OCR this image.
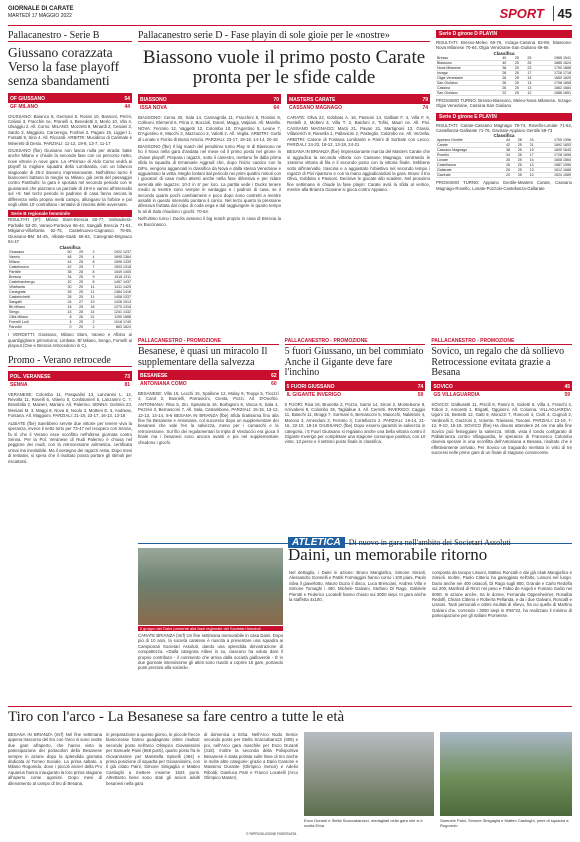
GIORNALE DI CARATE
MARTEDÌ 17 MAGGIO 2022	SPORT	45
Pallacanestro - Serie B
Giussano corazzata Verso la fase playoff senza sbandamenti
OF GIUSSANO	54
GF MILANO	44
GIUSSANO: Baiunco 8, Germani 5, Rosini 10, Bassoni, Perini, Celiani 3, Fracchin ne, Pranelli 4, Benedetti 3, Merlo 10, Vila 4, Ulsaggiu 2. All. Corno. MILANO: Mozzetti 8, Minardi 2, Cesiani 3, Sardo 3, Maggiolo, Carcerega, Fonfani 2, Pagani 15, Liggeri 1, Fontatti 9, Sirio 4. All. Riccardi. ARBITRI: Mucidimo di Carimate e Mineretti di Desio. PARZIALI: 11-12, 19-9, 13-7, 11-17
GIUSSANO (fbe) Giussano non lascia nulla per strada: batte anche Milano e chiude la seconda fase con un percorso netto, nove vittorie in nove gare. La «Prisma» di Aldo Corno vedrà ai playoff la migliore squadra della Lombardia, con un bilancio stagionale di 25-2 davvero impressionante. Nell'ultimo turno è bianconeri battono la meglio su Milano, già certa del passaggio contro Pantbulls: la gara è sposata nel secondo periodo con le giussanesi che piazzano un parziale di 19-9 e vanno all'intervallo sul +9. Nel terzo periodo le padrone di casa fanno ancora la differenza nella propria metà campo, allungano la forbice e poi negli ultimi 10' controllano i tentativi di rimonta delle avversarie.
Serie B regionale femminile
RISULTATI (9^): Milano Stars-Brescia 60-77, Valmadrera-Parballe 53-20, Vaneio-Porteovo 66-44, Sangalli Brescia 71-51, Milgiano-Villafranta 62-75, Castelnuovo-Cagnasco 78-55, Giussano-BM 54-45, Albiate-Saab 68-63, Canegrate-Brignaco 54-47
Classifica
Giussano	50	25	2	1922 1237
Vaneio	46	25	4	1695 1364
Milano	44	25	8	1596 1339
Castelnuovo	42	25	7	1503 1318
Parbille	36	28	8	1549 1405
Brescia	34	25	9	1516 1311
Castelrambergu	32	25	8	1457 1437
Villafranta	30	25	11	1411 1425
Canegrate	26	25	11	1384 1416
Castelrichetti	26	25	11	1408 1337
Sangalli	24	27	13	1426 1514
Bb Milano	16	25	18	1270 1316
Sengo	14	28	14	1241 1432
Città Milano	8	26	21	1190 1588
Fornelli Lodi	4	25	2	1018 1749
Parvolie	0	25	2	863 1624
I VERDETTI: Giussano, Milano Stars, Vaneio e Albino ai quarti/gighiere primoturno; Limbate, Bf Milano, Sengo, Fornelli ai playout (Ove e Brescia retrocedono in C).
Promo - Verano retrocede
POL. VERANESE	73
SENNA	81
VERANESE: Colombo 11, Pasqualini 13, Lanzanini L. 12, Revolta 11, Rovelli 6, Valerio 5, Confalonieri 5, Lanzanini C. 7, Brambilla 2, Maineri, Mariani. All. Palermo. SENNA: Gelmini 23, Meniani M. 3, Maggi 8, Nova 8, Noolo 3, Motteni E. 3, Andreas, Fontana. All. Maggioni. PARZIALI: 21-18, 22-17, 16-13, 13-18
ALBIATE (fbe) Sarebbero servite due vittorie per tenere viva la speranza, invece il netto torto per 73-47 nel recupero con Senna, fa sì che il Verano esce sconfitto nell'ultima giornata contro Senna. Per la Pol. Veranese di Rudi Palermo è chiusa nel peggiore dei modi, con la retrocessione aritmetica, certificata ormai ma inevitabile. Ma il sostegno dei ragazzi resta. Dopo mesi di tentativi, si spera che il risultato possa portare gli stimoli per riscattarsi.
Pallacanestro serie D - Fase playin di sole gioie per le «nostre»
Biassono vuole il primo posto Carate pronta per le sfide calde
BIASSONO	70
ISSA NOVA	64
BIASSONO: Cerna 20, Sala 14, Cannagrida 11, Fracchini 8, Rossini 8, Colleoni, Elementi 6, Prina 2, Boccioli, Dotori, Maggi, Valpiani. All. Marella. NOVA: Ferrario 12, Vaggetti 12, Colombo 10, D'Agostino 5, Leone 7, D'Agostino 6, Macchi 3, Mazzucco 2, Valotti 2. All. Veglia. ARBITRI: Gorbi di Lonate e Fiorito di Busto Arsizio. PARZIALI: 23-17, 19-15, 14-14, 20-18
BIASSONO (fbe) Il big match del penultimo turno Play In di Biassono ne ho il Nova nella gara d'andata nel mese ed il primo posto nel girone in chiave playoff. Prepara i ragazzi, sotto il canestro, mettono fin dalla prima sfida la squadra di Emanuele Aggradi che, dopo l'inizio caotico con la DiPo, vengono agganciati in classifica da Nova e dalla stessa Veneziane e agguantano la vetta. Meglio lontani dal pericolo nei primi quattro minuti con i giocatori di casa molto attenti anche nella fase difensiva e per ridare serenità alle ragazze: 10-2 in 6' per loro. La partita vede i Ducks tenere medio ai mentre sono sempre in vantaggio e i padroni di casa, se il secondo quarto pochi cambiamenti e poco dopo sono costretti a mentre assaliti in questo intervallo puntano il carico. Nel terzo quarto la pressione difensiva fruttata dal colpo di coda nega e dal raggiungere in quarto tempo le ali di Sala chiudono i giochi: 70-64.
Nell'ultimo turno i Ducks avranno il big match proprio in casa di Brescia la ex Buccinasco.
MASTERS CARATE	79
CASSANO MAGNAGO	74
CARATE: Oliva 22, Gobbato A. 16, Passoni 14, Galbiati F. 4, Villa F. 6, Restelli 3, Molteni 3, Villa T. 2, Bardoni 2, Tofini, Mauri ne. All. Pivi. CASSANO MAGNAGO: Marzi 21, Pavan 21, Martignoni 13, Grassi, Villanerich 8, Ramella 1, Pallavicini 2, Pasteglio, Colombo ne. All. Verzella. ARBITRI: Catone di Fontana Lombardo e Parini di Sorbate con Lecco. PARZIALI: 24-23, 18-12, 13-18, 24-21
BESANA IN BRIANZA (fbe) Impressionante marcia del Masters Carate che si aggiudica la seconda vittoria con Cassano Magnago, centrando le 14esimo vittoria di fila e il secondo posto con la vittoria finale. Sebbene sotto all'intervallo, trascina e a aggiustato l'obiettivo nel secondo tempo i ragazzi di Pivi ripartono e con la mano aggiudicandosi la gara. Bravo il trio Oliva, Gobbato e Passoni, Decisive le giocate allo scadere. Nel prossimo fine settimana si chiude la fase playin: Carate avrà la sfida al vertice, mentre alla Brianza Giovane si gioca contro Appiano.
Serie D girone D PLAYIN
RISULTATI: Bresso-Meleo 69-76, Inzago-Cassina 83-89, Biassono-Nova Milanese 70-64, Olgia Veneziane-San Giuliano 69-66
Classifica
Bresso	40	25	25	1965 1541
Biassono	40	25	25	1885 1624
Nova Milanese	38	25	23	1790 1688
Inzago	28	25	17	1728 1718
Olgia Veneziane	26	25	15	1650 1625
San Giuliano	26	25	13	1708 1808
Cassina	26	25	13	1662 1684
San Giuliano	22	25	12	1588 1651
PROSSIMO TURNO: Bresso-Biassono, Meleo-Nova Milanese, Inzago-Olgia Veneziane, Cassina-San Giuliano
Serie D girone E PLAYIN
RISULTATI: Carate-Cassano Magnago 79-74, Rovello-Lonate 71-64, Castellanza-Gallarate 71-76, Gavirate-Appiano Gentile 59-73
Classifica
Appiano Gentile	44	28	24	1705 1396
Carate	42	25	21	1692 1653
Cassano Magnago	38	25	19	1600 1640
Rovello	34	25	17	1728 1696
Lonate	28	25	14	1608 1564
Castellanza	26	25	13	1587 1596
Gallarate	26	25	13	1612 1688
Gavirate	20	25	10	1524 1589
PROSSIMO TURNO: Appiano Gentile-Masters Carate, Cassano Magnago-Rovello, Lonate-Pozzolo-Castellanza-Gallarate
PALLACANESTRO - PROMOZIONE
Besanese, è quasi un miracolo Il supplementare della salvezza
BESANESE	62
ANTONIANA COMO	60
BESANESE: Villa 15, Lecchi 15, Spallone 12, Molay 9, Teoppi 5, Ticozzi 4, Carol 2, Busnelli, Parravicini, Ciesta, Pozzi. All. D'Onofrio. ANTONIANA: Riva 5, Zin, Spinatoria 16, Borbignini 6, Vacca 8, Sala 4, Pezzes 3, Bernasconi 7. All. Sala, Catrambone. PARZIALI: 15-15, 13-12, 12-13, 14-14, 8-6 BESANA IN BRIANZA (fbe) Sfida tiratissima fino alla fine fra Besanese e Antoniana, col successo dopo un supplementare dei besanesi che vale l'en la salvezza, meno per i comaschi e la retrocessione. Sul filo dei regolamentari la tripla di Verduccio era gioca il finale ma i besanesi sono ancora avanti e poi nel supplementare chiudono i giochi.
PALLACANESTRO - PROMOZIONE
5 fuori Giussano, un bel commiato Anche il Gigante deve fare l'inchino
5 FUORI GIUSSANO	74
IL GIGANTE INVERIGO	59
5 FUORI: Riva 16, Brunetta 2, Pozzo, Sarmi 14, Sironi 2, Monteleone 8, Arrivabeni 8, Colombo 26, Tagliabue 4. All. Cerretti. INVERIGO: Caggio 11, Bianchi 11, Broggi 7, Sormani 6, Bernasconi 5, Maiocchi, Naldesini 4, Marono 3, Amenduni 3, Ferrario 3, Cortellazzo 2. PARZIALI: 19-14, 21-16, 22-10, 18-16 GIUSSANO (fbe) Dopo essersi garantiti la salvezza in categoria, i 5 Fuori Giussano si regalano anche una bella vittoria contro il Gigante Inverigo per completare una stagione comunque positiva, con 10 vinte, 13 perse e il settimo posto finale in classifica.
PALLACANESTRO - PROMOZIONE
Sovico, un regalo che dà sollievo Retrocessione evitata grazie a Besana
SOVICO	45
GS VILLAGUARDIA	59
SOVICO: Galbusetti 11, Piscili 9, Panini 8, Gioletti 6, Villa 4, Franchi 4, Tobori 2, Amoretti 1, Brigatti, Oggionni. All. Colonna. VILLAGUARDIA: Ugoni 15, Bestetti 12, Gatti 9, Moruzzi 7, Ronconi 4, Civiti 4, Cugnoli 2, Verdinelli 3, Giuzzoni 2, Volonte, Travisani, Toscani. PARZIALI: 13-19, 7-12, 9-10, 15-18. SOVICO (fbe) Ha dovuto attendere 24 ore ma alla fine Sovico può festeggiare la salvezza. Infatti, vista il tondo confgarato di Pallabrianza contro Villaguardia, le speranze di Francesco Colombo doveva sperare in una sconfitta dell'Antoniana a Besana, risultato che è effettivamente arrivato. Per Sovico un traguardo meritato in virtù di tre successi nelle prime gare di un finale di stagione convincente.
ATLETICA Di nuovo in gara nell'ambito dei Societari Assoluti
Daini, un memorabile ritorno
Il gruppo dei Daini presente alla fase regionale dei Societari Assoluti
CARATE BRIANZA (mrf) Un fine settimana memorabile in casa Daini. Dopo più di 10 anni, la società caratese è riuscita a presentare una squadra ai Campionati Societari Assoluti, dando una splendida dimostrazione di compattezza. «Dalla categoria Allievi in su, ciascuno ha voluto dare il proprio contributo - il commento che arriva dalla società gialloverde - È in due giornate intensissime gli atleti sono riusciti a coprire 15 gare, portando punti preziosi alla società».
Nel dettaglio, i Daini in azione: Bruno Mangiafico, Simone Simioli, Alessandro Gonnelli e Patrik Formaggini hanno corso i 100 piani, Paolo Silva il giavellotto, Mauro Duzio il disco, Luca Bresciani, Andrea Villa e Simone Tornaghi i 400, Michele Galvani, Stefano Di Rago, Gabriele Pierotti e Federico Locatelli hanno chiuso sui 3000 siepi. In gara anche la staffetta 4x100,
composta da Iacopo Lissoni, Matteo Roncalli e dai già citati Mangiafico e Simioli. Inoltre, Paolo Citterio ha gareggiato nell'alto, Lissoni nel lungo. Dario anche nei 400 ostacoli, Di Rago sugli 800, Grande e Carlo Redolfa sui 200, Manfred di Rinzi nel peso e Fabio de Angeli e Fumaro Sodio nei 5000. In azione anche, tra le donne, Fernanda Oppenheimer, Rosalba Redolfi, Chiara Citterio e Roberta Pellanda, e da i due Galvani, Roncalli e Lissoni. Tanti personali e ottimi risultati di rilievo, fra cui quello di Martino Galvani che, correndo i 3000 siepi in 9'56"22, ha realizzato il minimo di partecipazione per gli Italiani Promesse.
Tiro con l'arco - La Besanese sa fare centro a tutte le età
BESANA IN BRIANZA (mrf) Nel fine settimana appena trascorso del tiro con l'arco si sono svolte due gare all'aperto, che hanno visto la partecipazione dei portacolori della Besanese sempre in azione dopo la splendida giornata dedicata al Torneo Sociale. La prima sabato, a Milano Rogoredo, dove i piccoli arcieri della Pro Aquarius hanno inaugurato la loro prima stagione all'aperto come agonisti. Dopo mesi di allenamento al campo di tiro di Besana,
in preparazione a questo giorno, le piccole frecce biancorosse hanno guadagnato ottimi risultati: secondo posto nell'arco Olimpico Giovanissimi per Samuele Paini (568 punti), quarto posto fra le Giovanissime per Maristella Spinelli (484) e prima posizione di squadra per Giovanissimi, con il già citato Paini, Simone Sinigaglia e Matteo Castioghi a mettere insieme 1524 punti. Altrettanto bene sono stati gli arcieri adulti besanesi nella gara
di domenica a Erba. Nell'Arco Nudo Senior secondo posto per Stella Scaccabarozzi (405) e poi, nell'Arco gara maschile per Enzo Duranti (318). Inoltre la seconda della Polisportiva Besanese è stata portata sulle linee di tiro anche in molte altre categorie: grazie a Dario Cantone e Massimo Durante (Olimpico Senior) e Adelio Riboldi, Gianluca Patri e Franco Locatelli (Arco Olimpico Master).
© RIPRODUZIONE RISERVATA
Enzo Duranti e Stella Scaccabarozzi, medagliati nella gara che si è svolta Erba
Samuele Paini, Simone Sinigaglia e Matteo Castioghi, primi di squadra a Rogoredo
